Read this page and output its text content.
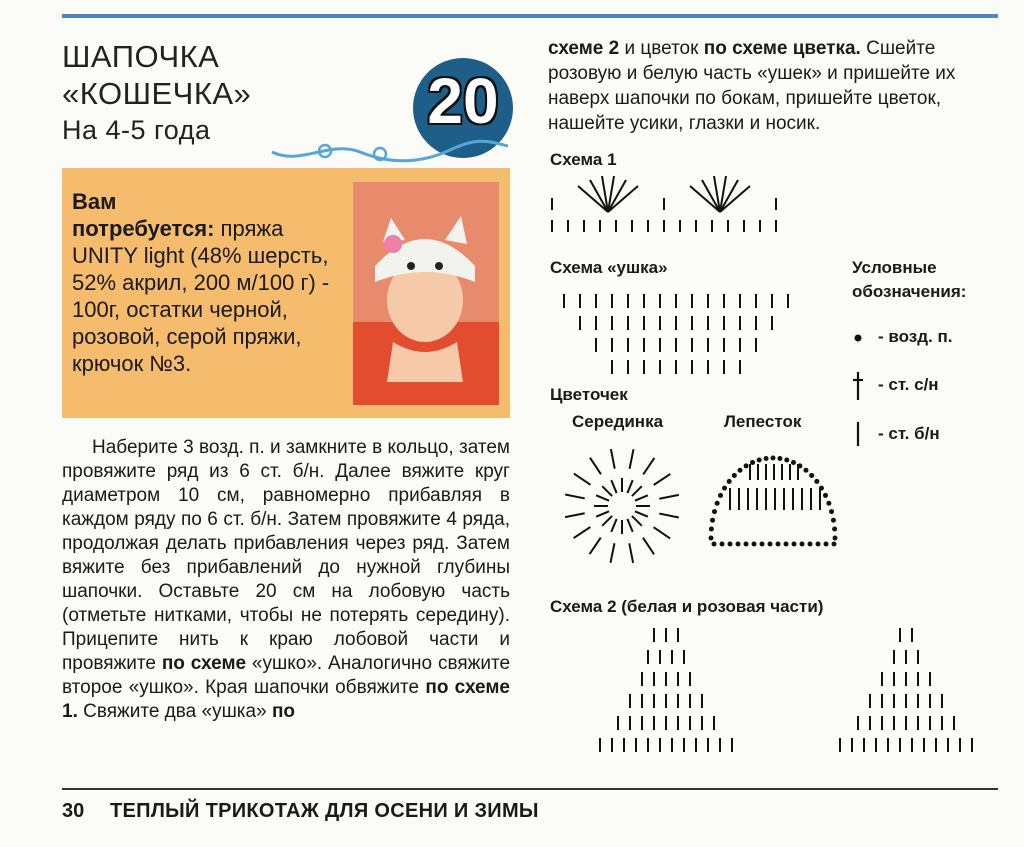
ШАПОЧКА
«КОШЕЧКА»
На 4-5 года	20
Вам
потребуется: пряжа UNITY light (48% шерсть, 52% акрил, 200 м/100 г) - 100г, остатки черной, розовой, серой пряжи, крючок №3.

Наберите 3 возд. п. и замкните в кольцо, затем провяжите ряд из 6 ст. б/н. Далее вяжите круг диаметром 10 см, равномерно прибавляя в каждом ряду по 6 ст. б/н. Затем провяжите 4 ряда, продолжая делать прибавления через ряд. Затем вяжите без прибавлений до нужной глубины шапочки. Оставьте 20 см на лобовую часть (отметьте нитками, чтобы не потерять середину). Прицепите нить к краю лобовой части и провяжите по схеме «ушко». Аналогично свяжите второе «ушко». Края шапочки обвяжите по схеме 1. Свяжите два «ушка» по

схеме 2 и цветок по схеме цветка. Сшейте розовую и белую часть «ушек» и пришейте их наверх шапочки по бокам, пришейте цветок, нашейте усики, глазки и носик.
Схема 1
Схема «ушка»	Условные
обозначения:
- возд. п.
- ст. с/н
- ст. б/н
Цветочек
Серединка	Лепесток
Схема 2 (белая и розовая части)
30 ТЕПЛЫЙ ТРИКОТАЖ ДЛЯ ОСЕНИ И ЗИМЫ
